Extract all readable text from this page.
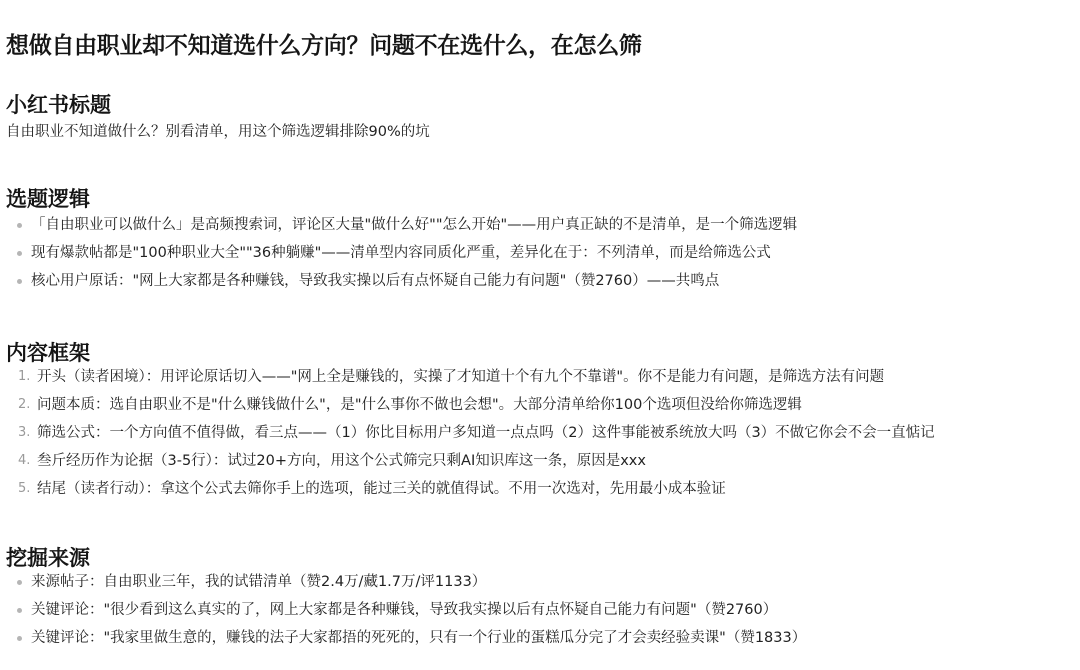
想做自由职业却不知道选什么方向？问题不在选什么，在怎么筛
小红书标题
自由职业不知道做什么？别看清单，用这个筛选逻辑排除90%的坑
选题逻辑
「自由职业可以做什么」是高频搜索词，评论区大量"做什么好""怎么开始"——用户真正缺的不是清单，是一个筛选逻辑
现有爆款帖都是"100种职业大全""36种躺赚"——清单型内容同质化严重，差异化在于：不列清单，而是给筛选公式
核心用户原话："网上大家都是各种赚钱，导致我实操以后有点怀疑自己能力有问题"（赞2760）——共鸣点
内容框架
1. 开头（读者困境）：用评论原话切入——"网上全是赚钱的，实操了才知道十个有九个不靠谱"。你不是能力有问题，是筛选方法有问题
2. 问题本质：选自由职业不是"什么赚钱做什么"，是"什么事你不做也会想"。大部分清单给你100个选项但没给你筛选逻辑
3. 筛选公式：一个方向值不值得做，看三点——（1）你比目标用户多知道一点点吗（2）这件事能被系统放大吗（3）不做它你会不会一直惦记
4. 叁斤经历作为论据（3-5行）：试过20+方向，用这个公式筛完只剩AI知识库这一条，原因是xxx
5. 结尾（读者行动）：拿这个公式去筛你手上的选项，能过三关的就值得试。不用一次选对，先用最小成本验证
挖掘来源
来源帖子：自由职业三年，我的试错清单（赞2.4万/藏1.7万/评1133）
关键评论："很少看到这么真实的了，网上大家都是各种赚钱，导致我实操以后有点怀疑自己能力有问题"（赞2760）
关键评论："我家里做生意的，赚钱的法子大家都捂的死死的，只有一个行业的蛋糕瓜分完了才会卖经验卖课"（赞1833）
